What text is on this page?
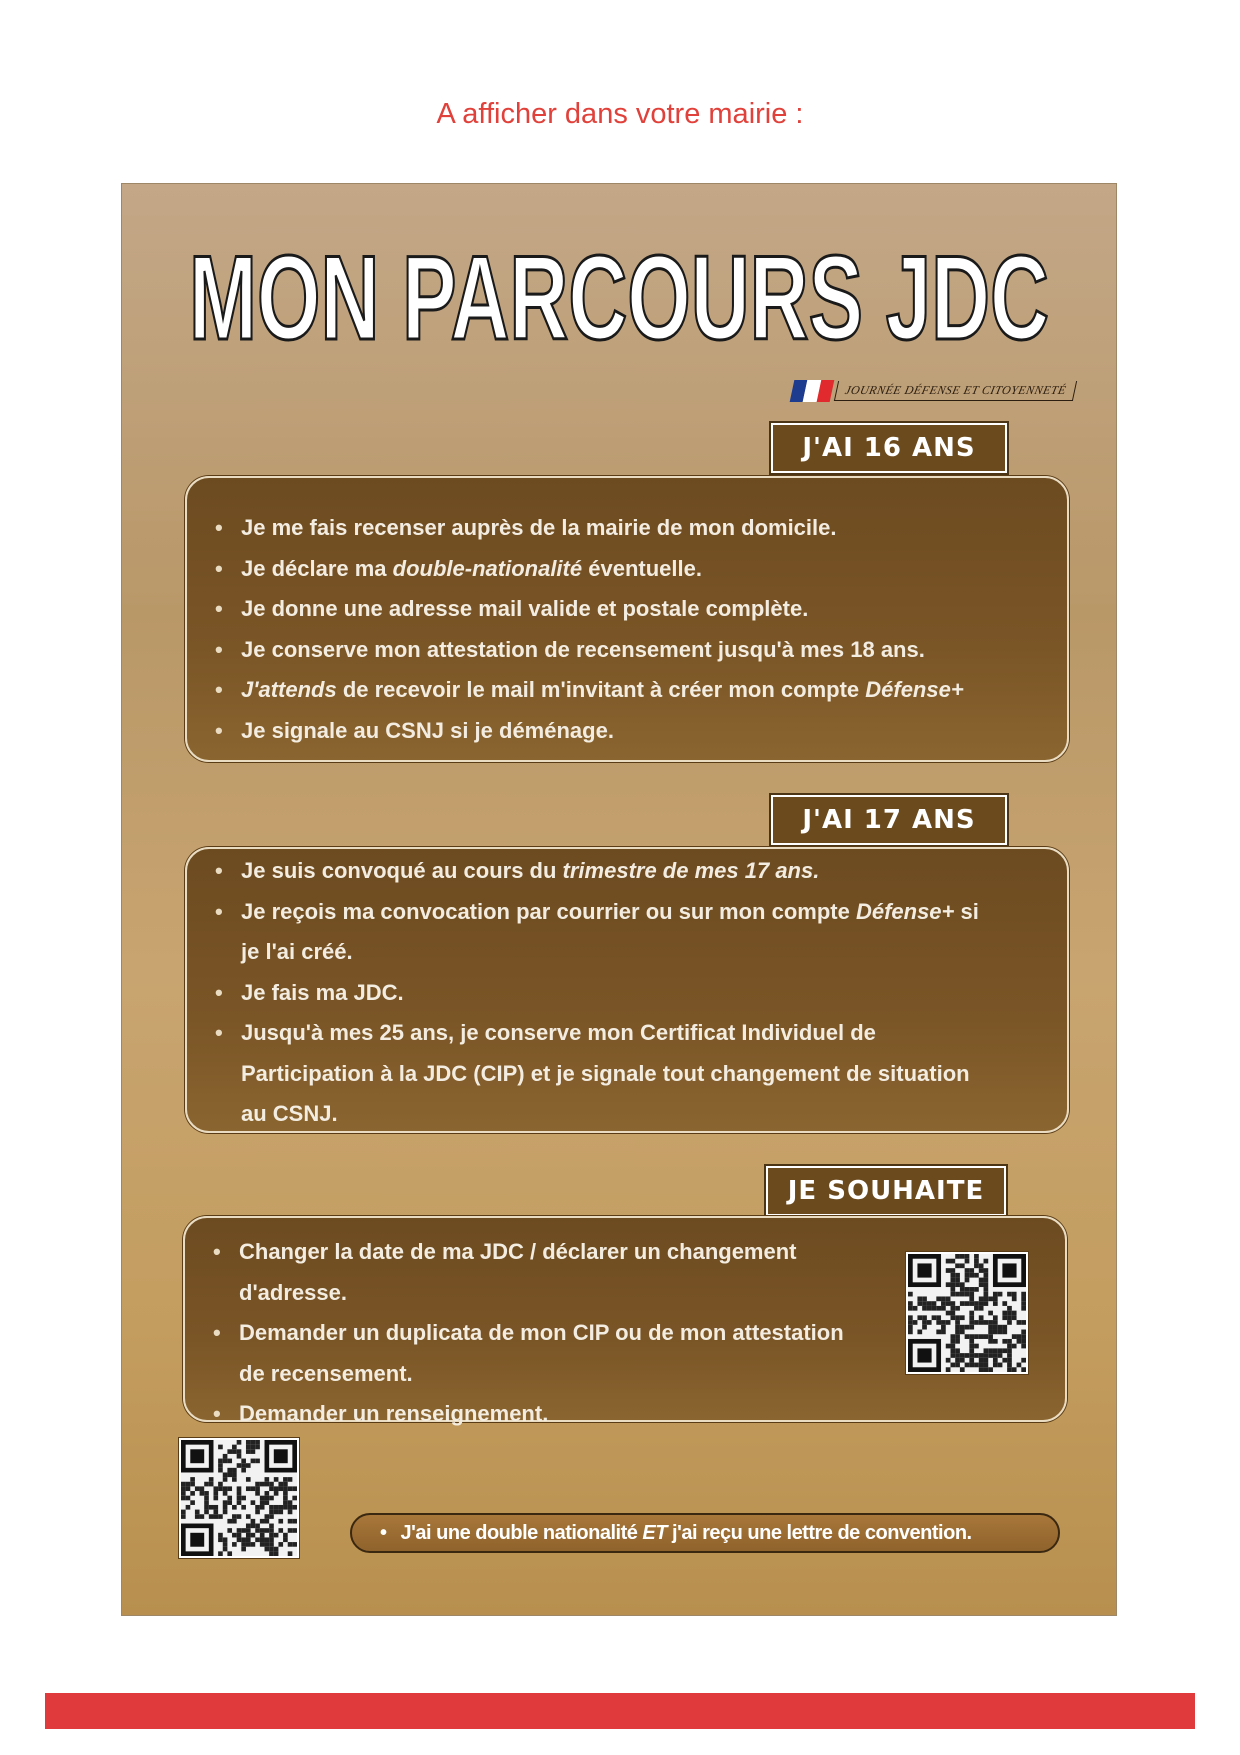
A afficher dans votre mairie :
MON PARCOURS JDC
JOURNÉE DÉFENSE ET CITOYENNETÉ
J'AI 16 ANS
• Je me fais recenser auprès de la mairie de mon domicile.
• Je déclare ma double-nationalité éventuelle.
• Je donne une adresse mail valide et postale complète.
• Je conserve mon attestation de recensement jusqu'à mes 18 ans.
• J'attends de recevoir le mail m'invitant à créer mon compte Défense+
• Je signale au CSNJ si je déménage.
J'AI 17 ANS
• Je suis convoqué au cours du trimestre de mes 17 ans.
• Je reçois ma convocation par courrier ou sur mon compte Défense+ si je l'ai créé.
• Je fais ma JDC.
• Jusqu'à mes 25 ans, je conserve mon Certificat Individuel de Participation à la JDC (CIP) et je signale tout changement de situation au CSNJ.
JE SOUHAITE
• Changer la date de ma JDC / déclarer un changement d'adresse.
• Demander un duplicata de mon CIP ou de mon attestation de recensement.
• Demander un renseignement.
• J'ai une double nationalité ET j'ai reçu une lettre de convention.
